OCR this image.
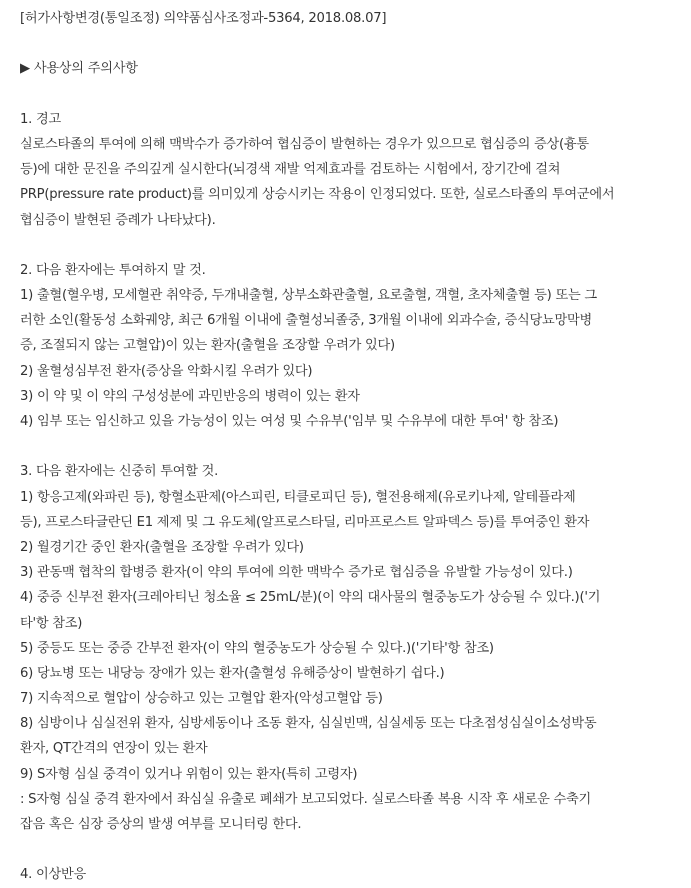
[허가사항변경(통일조정) 의약품심사조정과-5364, 2018.08.07]
▶ 사용상의 주의사항
1. 경고
실로스타졸의 투여에 의해 맥박수가 증가하여 협심증이 발현하는 경우가 있으므로 협심증의 증상(흉통
등)에 대한 문진을 주의깊게 실시한다(뇌경색 재발 억제효과를 검토하는 시험에서, 장기간에 걸쳐
PRP(pressure rate product)를 의미있게 상승시키는 작용이 인정되었다. 또한, 실로스타졸의 투여군에서
협심증이 발현된 증례가 나타났다).
2. 다음 환자에는 투여하지 말 것.
1) 출혈(혈우병, 모세혈관 취약증, 두개내출혈, 상부소화관출혈, 요로출혈, 객혈, 초자체출혈 등) 또는 그
러한 소인(활동성 소화궤양, 최근 6개월 이내에 출혈성뇌졸중, 3개월 이내에 외과수술, 증식당뇨망막병
증, 조절되지 않는 고혈압)이 있는 환자(출혈을 조장할 우려가 있다)
2) 울혈성심부전 환자(증상을 악화시킬 우려가 있다)
3) 이 약 및 이 약의 구성성분에 과민반응의 병력이 있는 환자
4) 임부 또는 임신하고 있을 가능성이 있는 여성 및 수유부('임부 및 수유부에 대한 투여' 항 참조)
3. 다음 환자에는 신중히 투여할 것.
1) 항응고제(와파린 등), 항혈소판제(아스피린, 티클로피딘 등), 혈전용해제(유로키나제, 알테플라제
등), 프로스타글란딘 E1 제제 및 그 유도체(알프로스타딜, 리마프로스트 알파덱스 등)를 투여중인 환자
2) 월경기간 중인 환자(출혈을 조장할 우려가 있다)
3) 관동맥 협착의 합병증 환자(이 약의 투여에 의한 맥박수 증가로 협심증을 유발할 가능성이 있다.)
4) 중증 신부전 환자(크레아티닌 청소율 ≤ 25mL/분)(이 약의 대사물의 혈중농도가 상승될 수 있다.)('기
타'항 참조)
5) 중등도 또는 중증 간부전 환자(이 약의 혈중농도가 상승될 수 있다.)('기타'항 참조)
6) 당뇨병 또는 내당능 장애가 있는 환자(출혈성 유해증상이 발현하기 쉽다.)
7) 지속적으로 혈압이 상승하고 있는 고혈압 환자(악성고혈압 등)
8) 심방이나 심실전위 환자, 심방세동이나 조동 환자, 심실빈맥, 심실세동 또는 다초점성심실이소성박동
환자, QT간격의 연장이 있는 환자
9) S자형 심실 중격이 있거나 위험이 있는 환자(특히 고령자)
: S자형 심실 중격 환자에서 좌심실 유출로 폐쇄가 보고되었다. 실로스타졸 복용 시작 후 새로운 수축기
잡음 혹은 심장 증상의 발생 여부를 모니터링 한다.
4. 이상반응
